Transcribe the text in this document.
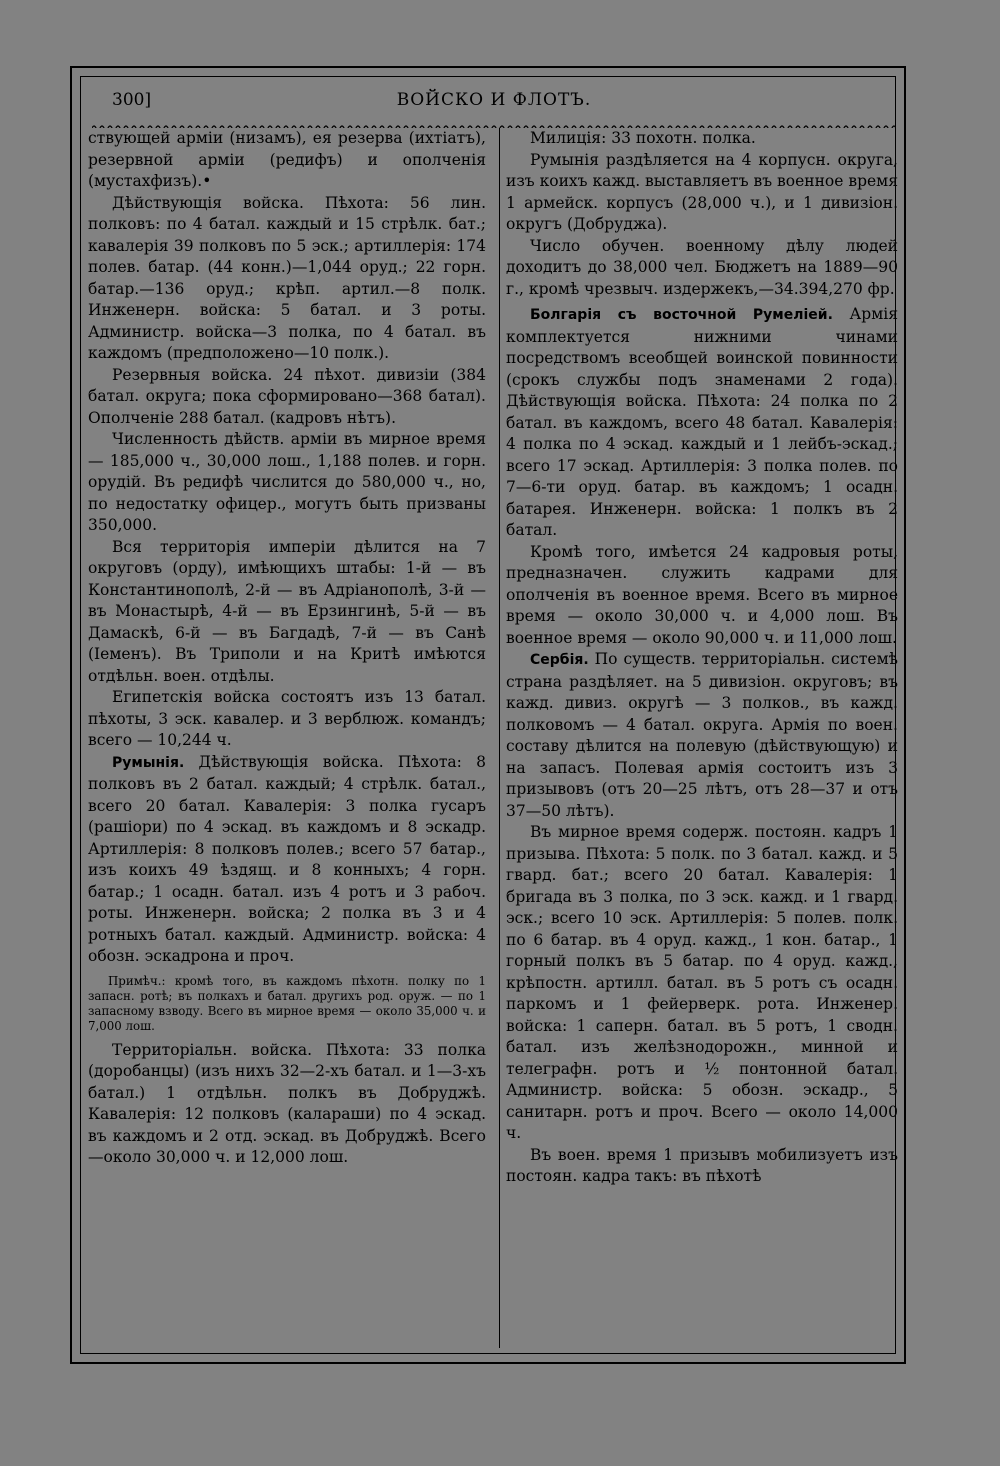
300]	ВОЙСКО И ФЛОТЪ.

ствующей арміи (низамъ), ея резерва (ихтіатъ), резервной арміи (редифъ) и ополченія (мустахфизъ).•

Дѣйствующія войска. Пѣхота: 56 лин. полковъ: по 4 батал. каждый и 15 стрѣлк. бат.; кавалерія 39 полковъ по 5 эск.; артиллерія: 174 полев. батар. (44 конн.)—1,044 оруд.; 22 горн. батар.—136 оруд.; крѣп. артил.—8 полк. Инженерн. войска: 5 батал. и 3 роты. Администр. войска—3 полка, по 4 батал. въ каждомъ (предположено—10 полк.).

Резервныя войска. 24 пѣхот. дивизіи (384 батал. округа; пока сформировано—368 батал). Ополченіе 288 батал. (кадровъ нѣтъ).

Численность дѣйств. арміи въ мирное время — 185,000 ч., 30,000 лош., 1,188 полев. и горн. орудій. Въ редифѣ числится до 580,000 ч., но, по недостатку офицер., могутъ быть призваны 350,000.

Вся территорія имперіи дѣлится на 7 округовъ (орду), имѣющихъ штабы: 1-й — въ Константинополѣ, 2-й — въ Адріанополѣ, 3-й — въ Монастырѣ, 4-й — въ Ерзингинѣ, 5-й — въ Дамаскѣ, 6-й — въ Багдадѣ, 7-й — въ Санѣ (Іеменъ). Въ Триполи и на Критѣ имѣются отдѣльн. воен. отдѣлы.

Египетскія войска состоятъ изъ 13 батал. пѣхоты, 3 эск. кавалер. и 3 верблюж. командъ; всего — 10,244 ч.

Румынія. Дѣйствующія войска. Пѣхота: 8 полковъ въ 2 батал. каждый; 4 стрѣлк. батал., всего 20 батал. Кавалерія: 3 полка гусаръ (рашіори) по 4 эскад. въ каждомъ и 8 эскадр. Артиллерія: 8 полковъ полев.; всего 57 батар., изъ коихъ 49 ѣздящ. и 8 конныхъ; 4 горн. батар.; 1 осадн. батал. изъ 4 ротъ и 3 рабоч. роты. Инженерн. войска; 2 полка въ 3 и 4 ротныхъ батал. каждый. Администр. войска: 4 обозн. эскадрона и проч.

Примѣч.: кромѣ того, въ каждомъ пѣхотн. полку по 1 запасн. ротѣ; въ полкахъ и батал. другихъ род. оруж. — по 1 запасному взводу. Всего въ мирное время — около 35,000 ч. и 7,000 лош.

Территоріальн. войска. Пѣхота: 33 полка (доробанцы) (изъ нихъ 32—2-хъ батал. и 1—3-хъ батал.) 1 отдѣльн. полкъ въ Добруджѣ. Кавалерія: 12 полковъ (калараши) по 4 эскад. въ каждомъ и 2 отд. эскад. въ Добруджѣ. Всего—около 30,000 ч. и 12,000 лош.

Милиція: 33 похотн. полка.

Румынія раздѣляется на 4 корпусн. округа, изъ коихъ кажд. выставляетъ въ военное время 1 армейск. корпусъ (28,000 ч.), и 1 дивизіон. округъ (Добруджа).

Число обучен. военному дѣлу людей доходитъ до 38,000 чел. Бюджетъ на 1889—90 г., кромѣ чрезвыч. издержекъ,—34.394,270 фр.

Болгарія съ восточной Румеліей. Армія комплектуется нижними чинами посредствомъ всеобщей воинской повинности (срокъ службы подъ знаменами 2 года). Дѣйствующія войска. Пѣхота: 24 полка по 2 батал. въ каждомъ, всего 48 батал. Кавалерія: 4 полка по 4 эскад. каждый и 1 лейбъ-эскад.; всего 17 эскад. Артиллерія: 3 полка полев. по 7—6-ти оруд. батар. въ каждомъ; 1 осадн. батарея. Инженерн. войска: 1 полкъ въ 2 батал.

Кромѣ того, имѣется 24 кадровыя роты, предназначен. служить кадрами для ополченія въ военное время. Всего въ мирное время — около 30,000 ч. и 4,000 лош. Въ военное время — около 90,000 ч. и 11,000 лош.

Сербія. По существ. территоріальн. системѣ страна раздѣляет. на 5 дивизіон. округовъ; въ кажд. дивиз. округѣ — 3 полков., въ кажд. полковомъ — 4 батал. округа. Армія по воен. составу дѣлится на полевую (дѣйствующую) и на запасъ. Полевая армія состоитъ изъ 3 призывовъ (отъ 20—25 лѣтъ, отъ 28—37 и отъ 37—50 лѣтъ).

Въ мирное время содерж. постоян. кадръ 1 призыва. Пѣхота: 5 полк. по 3 батал. кажд. и 5 гвард. бат.; всего 20 батал. Кавалерія: 1 бригада въ 3 полка, по 3 эск. кажд. и 1 гвард. эск.; всего 10 эск. Артиллерія: 5 полев. полк. по 6 батар. въ 4 оруд. кажд., 1 кон. батар., 1 горный полкъ въ 5 батар. по 4 оруд. кажд., крѣпостн. артилл. батал. въ 5 ротъ съ осадн. паркомъ и 1 фейерверк. рота. Инженер. войска: 1 саперн. батал. въ 5 ротъ, 1 сводн. батал. изъ желѣзнодорожн., минной и телеграфн. ротъ и ½ понтонной батал. Администр. войска: 5 обозн. эскадр., 5 санитарн. ротъ и проч. Всего — около 14,000 ч.

Въ воен. время 1 призывъ мобилизуетъ изъ постоян. кадра такъ: въ пѣхотѣ
